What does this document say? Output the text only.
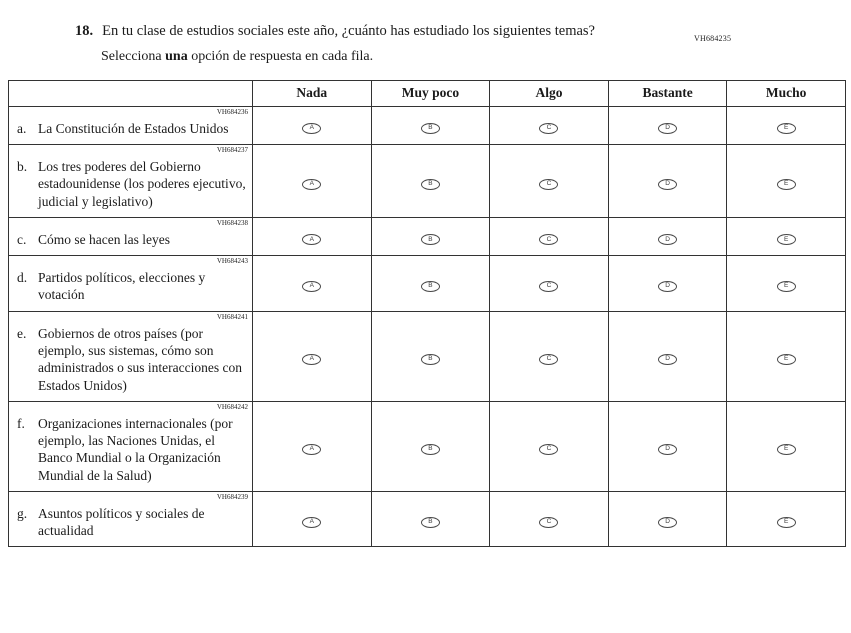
VH684235
18. En tu clase de estudios sociales este año, ¿cuánto has estudiado los siguientes temas?
Selecciona una opción de respuesta en cada fila.
	Nada	Muy poco	Algo	Bastante	Mucho

VH684236
a. La Constitución de Estados Unidos	A	B	C	D	E

VH684237
b. Los tres poderes del Gobierno estadounidense (los poderes ejecutivo, judicial y legislativo)	A	B	C	D	E

VH684238
c. Cómo se hacen las leyes	A	B	C	D	E

VH684243
d. Partidos políticos, elecciones y votación	A	B	C	D	E

VH684241
e. Gobiernos de otros países (por ejemplo, sus sistemas, cómo son administrados o sus interacciones con Estados Unidos)	A	B	C	D	E

VH684242
f. Organizaciones internacionales (por ejemplo, las Naciones Unidas, el Banco Mundial o la Organización Mundial de la Salud)	A	B	C	D	E

VH684239
g. Asuntos políticos y sociales de actualidad	A	B	C	D	E
